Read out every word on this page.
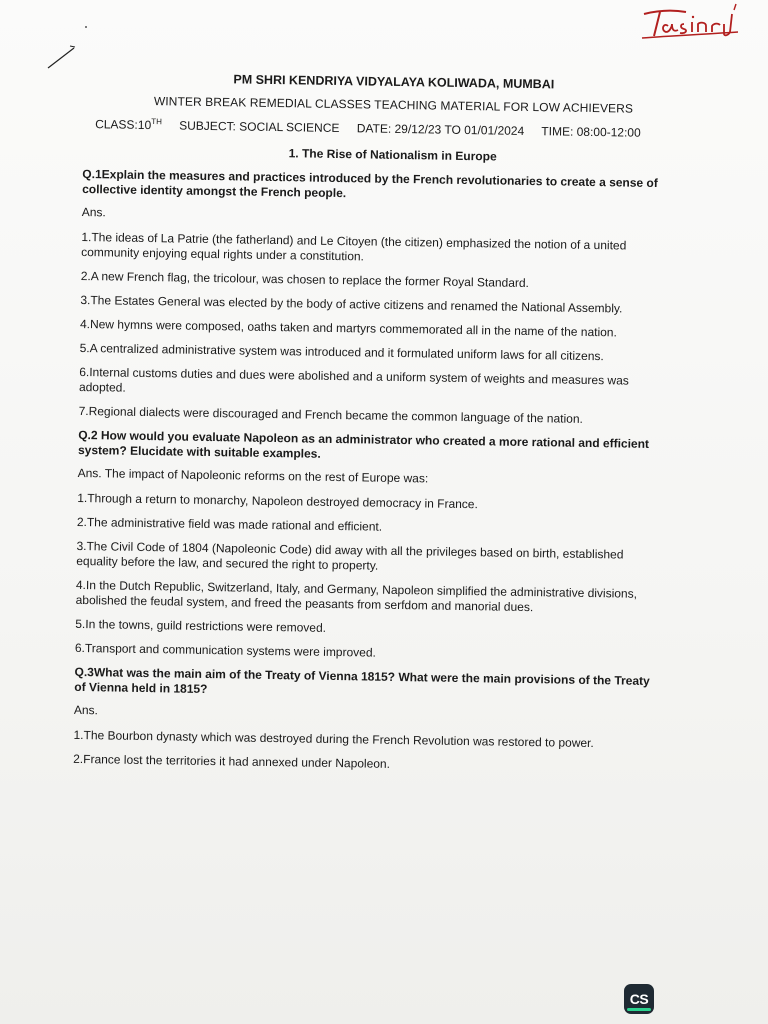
PM SHRI KENDRIYA VIDYALAYA KOLIWADA, MUMBAI
WINTER BREAK REMEDIAL CLASSES TEACHING MATERIAL FOR LOW ACHIEVERS
CLASS:10TH SUBJECT: SOCIAL SCIENCE DATE: 29/12/23 TO 01/01/2024 TIME: 08:00-12:00
1. The Rise of Nationalism in Europe
Q.1Explain the measures and practices introduced by the French revolutionaries to create a sense of collective identity amongst the French people.
Ans.
1.The ideas of La Patrie (the fatherland) and Le Citoyen (the citizen) emphasized the notion of a united community enjoying equal rights under a constitution.
2.A new French flag, the tricolour, was chosen to replace the former Royal Standard.
3.The Estates General was elected by the body of active citizens and renamed the National Assembly.
4.New hymns were composed, oaths taken and martyrs commemorated all in the name of the nation.
5.A centralized administrative system was introduced and it formulated uniform laws for all citizens.
6.Internal customs duties and dues were abolished and a uniform system of weights and measures was adopted.
7.Regional dialects were discouraged and French became the common language of the nation.
Q.2 How would you evaluate Napoleon as an administrator who created a more rational and efficient system? Elucidate with suitable examples.
Ans. The impact of Napoleonic reforms on the rest of Europe was:
1.Through a return to monarchy, Napoleon destroyed democracy in France.
2.The administrative field was made rational and efficient.
3.The Civil Code of 1804 (Napoleonic Code) did away with all the privileges based on birth, established equality before the law, and secured the right to property.
4.In the Dutch Republic, Switzerland, Italy, and Germany, Napoleon simplified the administrative divisions, abolished the feudal system, and freed the peasants from serfdom and manorial dues.
5.In the towns, guild restrictions were removed.
6.Transport and communication systems were improved.
Q.3What was the main aim of the Treaty of Vienna 1815? What were the main provisions of the Treaty of Vienna held in 1815?
Ans.
1.The Bourbon dynasty which was destroyed during the French Revolution was restored to power.
2.France lost the territories it had annexed under Napoleon.
CS
